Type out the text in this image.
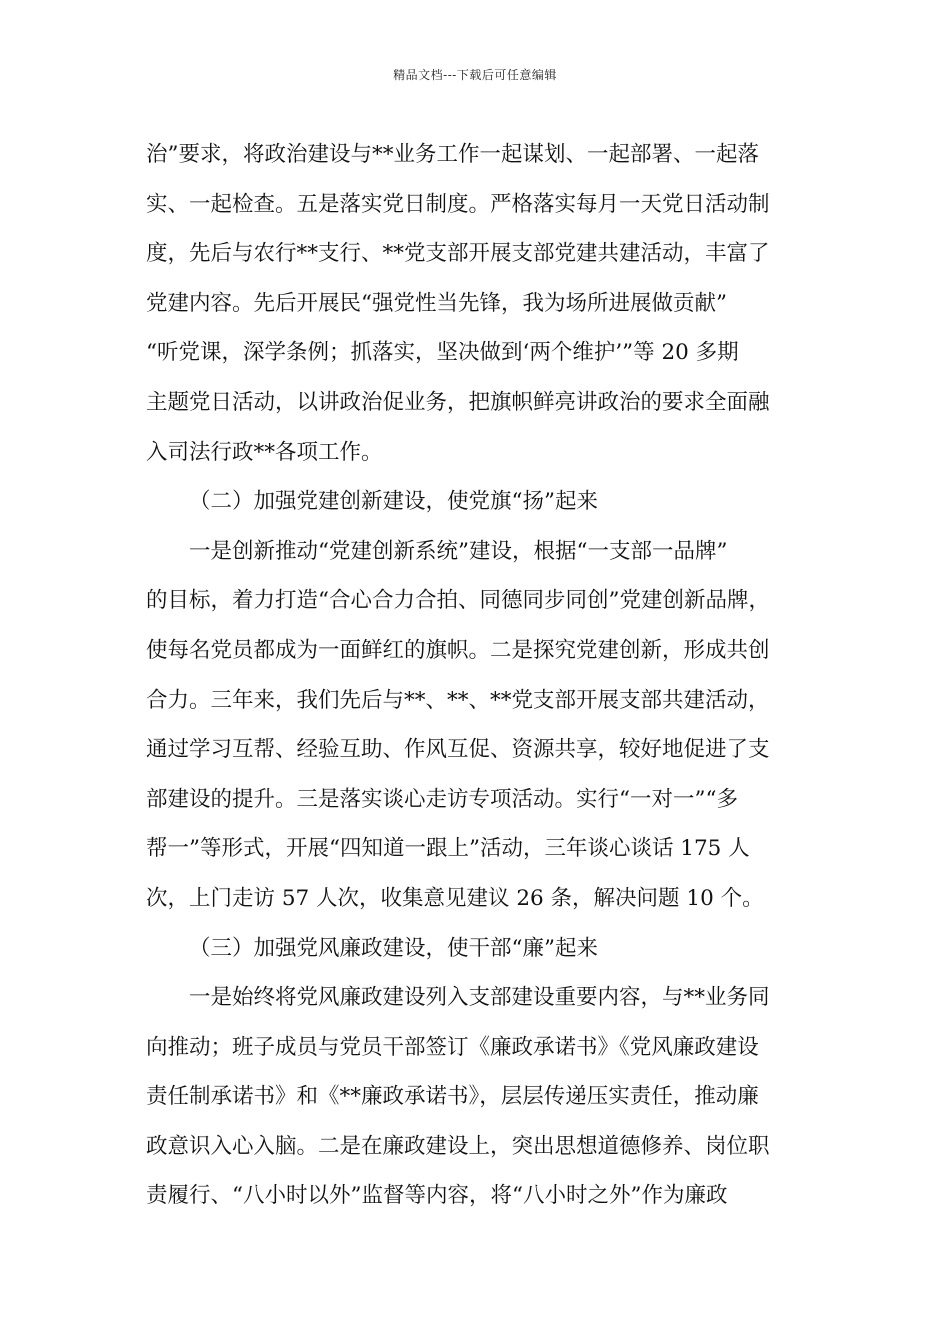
精品文档---下载后可任意编辑
治”要求，将政治建设与**业务工作一起谋划、一起部署、一起落
实、一起检查。五是落实党日制度。严格落实每月一天党日活动制
度，先后与农行**支行、**党支部开展支部党建共建活动，丰富了
党建内容。先后开展民“强党性当先锋，我为场所进展做贡献”
“听党课，深学条例；抓落实，坚决做到‘两个维护’”等 20 多期
主题党日活动，以讲政治促业务，把旗帜鲜亮讲政治的要求全面融
入司法行政**各项工作。
（二）加强党建创新建设，使党旗“扬”起来
一是创新推动“党建创新系统”建设，根据“一支部一品牌”
的目标，着力打造“合心合力合拍、同德同步同创”党建创新品牌，
使每名党员都成为一面鲜红的旗帜。二是探究党建创新，形成共创
合力。三年来，我们先后与**、**、**党支部开展支部共建活动，
通过学习互帮、经验互助、作风互促、资源共享，较好地促进了支
部建设的提升。三是落实谈心走访专项活动。实行“一对一”“多
帮一”等形式，开展“四知道一跟上”活动，三年谈心谈话 175 人
次，上门走访 57 人次，收集意见建议 26 条，解决问题 10 个。
（三）加强党风廉政建设，使干部“廉”起来
一是始终将党风廉政建设列入支部建设重要内容，与**业务同
向推动；班子成员与党员干部签订《廉政承诺书》《党风廉政建设
责任制承诺书》和《**廉政承诺书》，层层传递压实责任，推动廉
政意识入心入脑。二是在廉政建设上，突出思想道德修养、岗位职
责履行、“八小时以外”监督等内容，将“八小时之外”作为廉政
